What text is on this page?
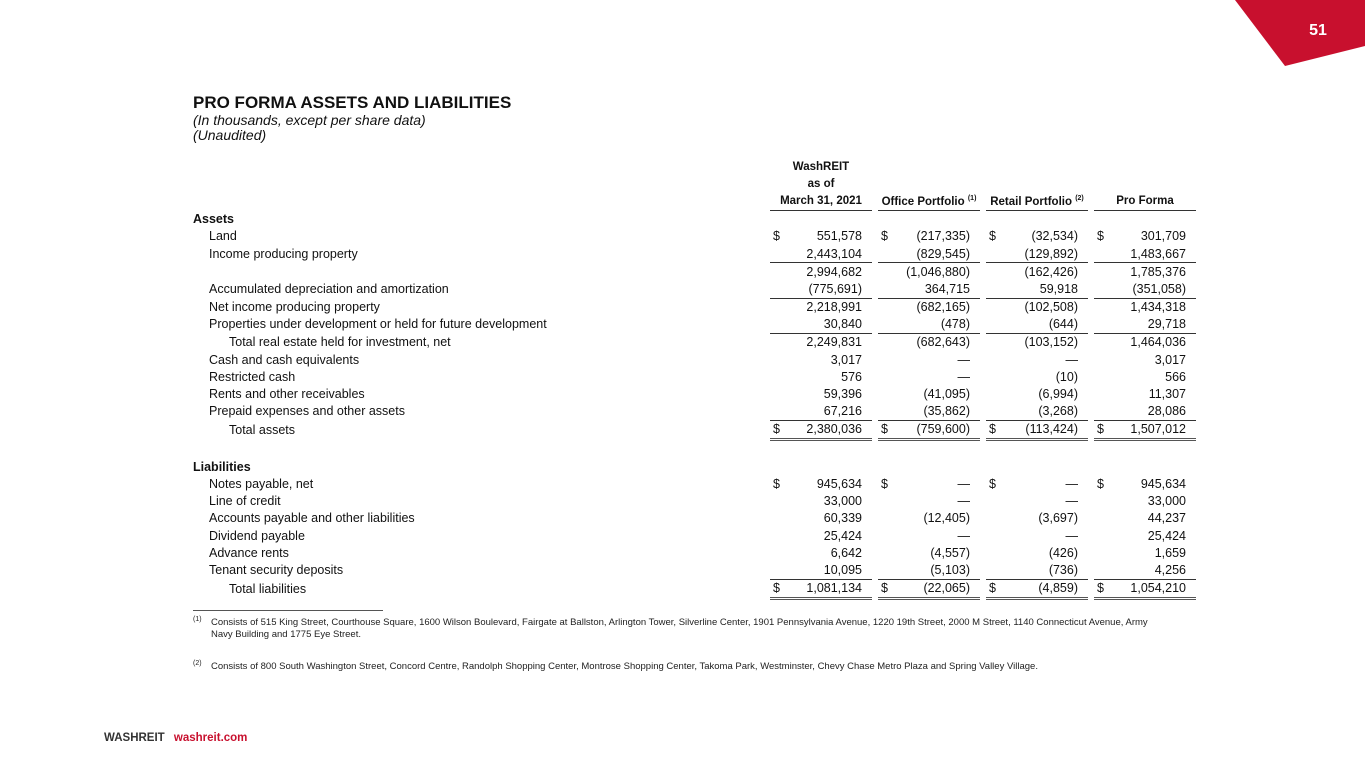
51
PRO FORMA ASSETS AND LIABILITIES
(In thousands, except per share data)
(Unaudited)
	WashREIT						
	as of						
	March 31, 2021		Office Portfolio $^{(1)}$		Retail Portfolio $^{(2)}$		Pro Forma
Assets							
Land	$ 551,578		$ (217,335)		$ (32,534)		$ 301,709

Income producing property	2,443,104		(829,545)		(129,892)		1,483,667

	2,994,682		(1,046,880)		(162,426)		1,785,376

Accumulated depreciation and amortization	(775,691)		364,715		59,918		(351,058)

Net income producing property	2,218,991		(682,165)		(102,508)		1,434,318

Properties under development or held for future development	30,840		(478)		(644)		29,718

Total real estate held for investment, net	2,249,831		(682,643)		(103,152)		1,464,036

Cash and cash equivalents	3,017		—		—		3,017

Restricted cash	576		—		(10)		566

Rents and other receivables	59,396		(41,095)		(6,994)		11,307

Prepaid expenses and other assets	67,216		(35,862)		(3,268)		28,086

Total assets	$ 2,380,036		$ (759,600)		$ (113,424)		$ 1,507,012

Liabilities							
Notes payable, net	$ 945,634		$ —		$ —		$ 945,634

Line of credit	33,000		—		—		33,000

Accounts payable and other liabilities	60,339		(12,405)		(3,697)		44,237

Dividend payable	25,424		—		—		25,424

Advance rents	6,642		(4,557)		(426)		1,659

Tenant security deposits	10,095		(5,103)		(736)		4,256

Total liabilities	$ 1,081,134		$ (22,065)		$ (4,859)		$ 1,054,210
(1) Consists of 515 King Street, Courthouse Square, 1600 Wilson Boulevard, Fairgate at Ballston, Arlington Tower, Silverline Center, 1901 Pennsylvania Avenue, 1220 19th Street, 2000 M Street, 1140 Connecticut Avenue, Army Navy Building and 1775 Eye Street.
(2) Consists of 800 South Washington Street, Concord Centre, Randolph Shopping Center, Montrose Shopping Center, Takoma Park, Westminster, Chevy Chase Metro Plaza and Spring Valley Village.
WASHREIT washreit.com
